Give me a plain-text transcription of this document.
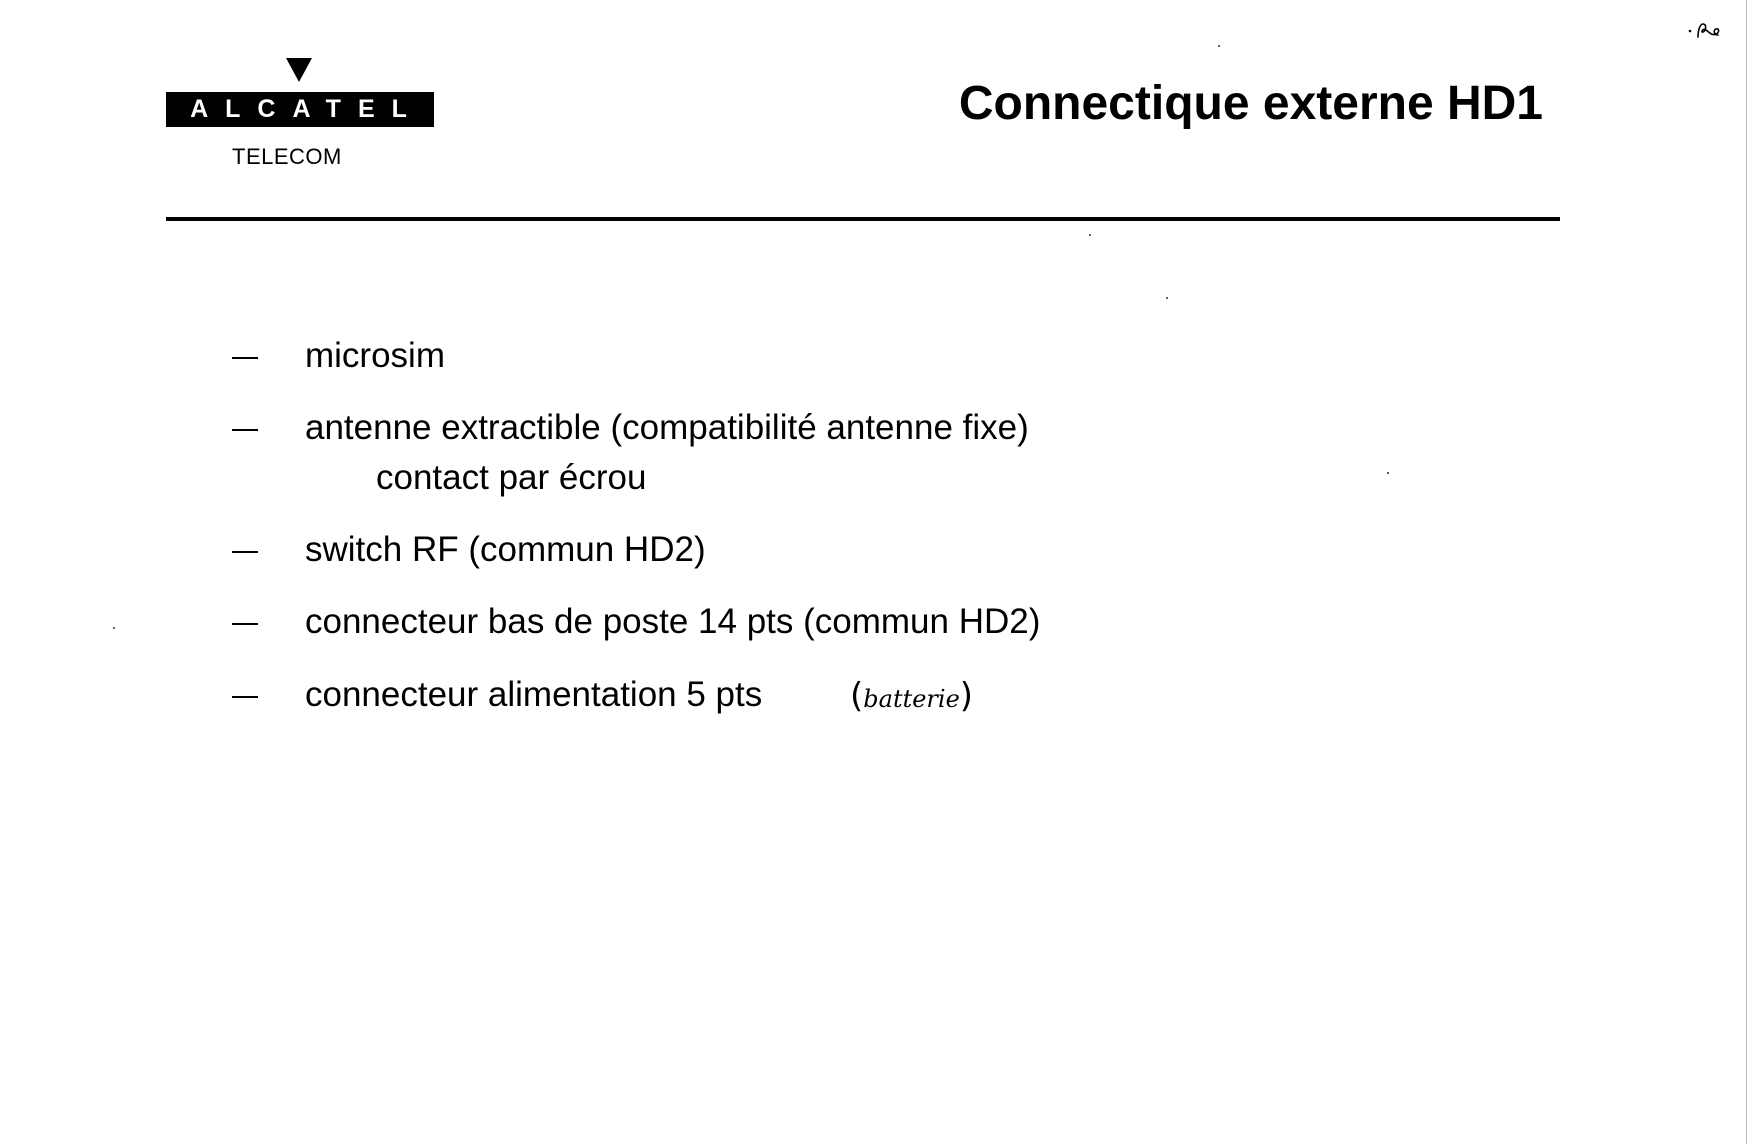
ALCATEL
TELECOM
Connectique externe HD1
microsim
antenne extractible (compatibilité antenne fixe)
contact par écrou
switch RF (commun HD2)
connecteur bas de poste 14 pts (commun HD2)
connecteur alimentation 5 pts	(batterie)
